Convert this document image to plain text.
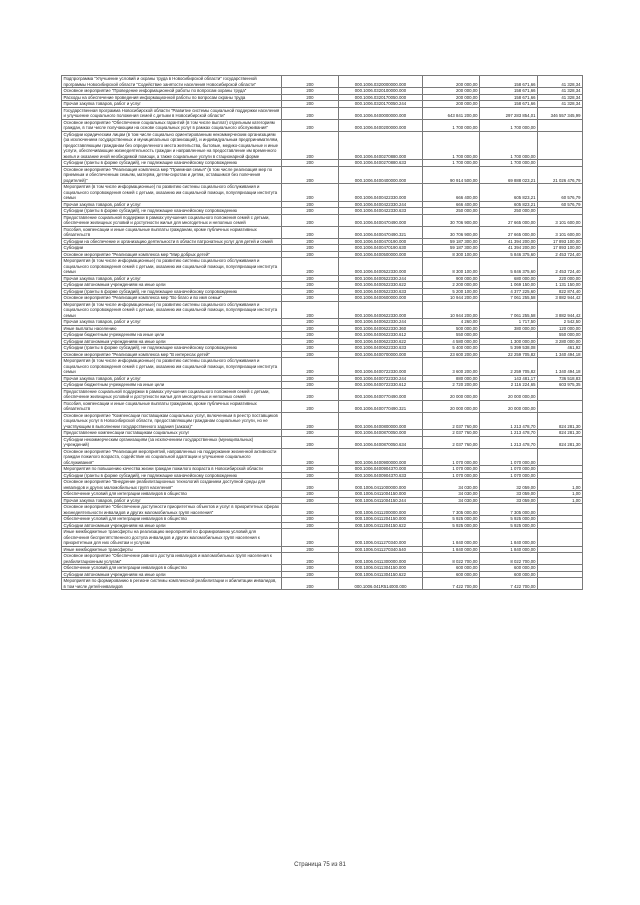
Подпрограмма "Улучшение условий и охраны труда в Новосибирской области" государственной программы Новосибирской области "Содействие занятости населения Новосибирской области"	200	000.1006.0320000000.000	200 000,00	158 671,66	41 328,34
Основное мероприятие "Проведение информационной работы по вопросам охраны труда"	200	000.1006.0320100000.000	200 000,00	158 671,66	41 328,34
Расходы на обеспечение проведения информационной работы по вопросам охраны труда	200	000.1006.0320170050.000	200 000,00	158 671,66	41 328,34
Прочая закупка товаров, работ и услуг	200	000.1006.0320170050.244	200 000,00	158 671,66	41 328,34
Государственная программа Новосибирской области "Развитие системы социальной поддержки населения и улучшение социального положения семей с детьми в Новосибирской области"	200	000.1006.0400000000.000	643 841 200,00	297 283 854,01	346 557 345,99
Основное мероприятие "Обеспечение социальных гарантий (в том числе выплат) отдельным категориям граждан, в том числе получающим на основе социальных услуг в рамках социального обслуживания"	200	000.1006.0400200000.000	1 700 000,00	1 700 000,00	
Субсидии юридическим лицам (в том числе социально ориентированным некоммерческим организациям (за исключением государственных и муниципальных организаций), и индивидуальным предпринимателям, предоставляющим гражданам без определенного места жительства, бытовые, медико-социальные и иные услуги, обеспечивающие жизнедеятельность граждан и направленные на предоставление им временного жилья и оказание иной необходимой помощи, а также социальные услуги в стационарной форме	200	000.1006.0400270880.000	1 700 000,00	1 700 000,00	
Субсидии (гранты в форме субсидий), не подлежащие казначейскому сопровождению	200	000.1006.0400270880.633	1 700 000,00	1 700 000,00	
Основное мероприятие "Реализация комплекса мер "Приемная семья" (в том числе реализация мер по приемным и обеспеченным семьям, матерям, детям-сиротам и детям, оставшимся без попечения родителей)"	200	000.1006.0400400000.000	90 914 500,00	69 888 023,21	21 026 476,79
Мероприятия (в том числе информационные) по развитию системы социального обслуживания и социального сопровождения семей с детьми, оказанию им социальной помощи, популяризации института семьи	200	000.1006.0400422330.000	666 400,00	605 823,21	60 576,79
Прочая закупка товаров, работ и услуг	200	000.1006.0400422330.244	666 400,00	605 823,21	60 576,79
Субсидии (гранты в форме субсидий), не подлежащие казначейскому сопровождению	200	000.1006.0400422330.633	250 000,00	250 000,00	
Предоставление социальной поддержки в рамках улучшения социального положения семей с детьми, обеспечение жилищных условий и доступности жилья для многодетных и неполных семей	200	000.1006.0400470490.000	30 706 900,00	27 665 000,00	3 101 600,00
Пособия, компенсации и иные социальные выплаты гражданам, кроме публичных нормативных обязательств	200	000.1006.0400470490.321	30 706 900,00	27 665 000,00	3 101 600,00
Субсидии на обеспечение и организацию деятельности в области патронатных услуг для детей и семей	200	000.1006.0400470190.000	59 187 300,00	41 394 200,00	17 893 100,00
Субсидии	200	000.1006.0400470190.630	59 187 300,00	41 394 200,00	17 893 100,00
Основное мероприятие "Реализация комплекса мер "Мир добрых детей"	200	000.1006.0400500000.000	8 300 100,00	5 846 375,60	2 453 724,40
Мероприятия (в том числе информационные) по развитию системы социального обслуживания и социального сопровождения семей с детьми, оказанию им социальной помощи, популяризации института семьи	200	000.1006.0400522330.000	8 300 100,00	5 846 375,60	2 453 724,40
Прочая закупка товаров, работ и услуг	200	000.1006.0400522330.244	900 000,00	680 000,00	220 000,00
Субсидии автономным учреждениям на иные цели	200	000.1006.0400522330.622	2 200 000,00	1 069 150,00	1 131 150,00
Субсидии (гранты в форме субсидий), не подлежащие казначейскому сопровождению	200	000.1006.0400522330.633	5 200 100,00	4 377 225,60	822 874,40
Основное мероприятие "Реализация комплекса мер "Во благо и во имя семьи"	200	000.1006.0400600000.000	10 944 200,00	7 061 255,58	3 882 944,42
Мероприятия (в том числе информационные) по развитию системы социального обслуживания и социального сопровождения семей с детьми, оказанию им социальной помощи, популяризации института семьи	200	000.1006.0400622330.000	10 944 200,00	7 061 255,58	3 882 944,42
Прочая закупка товаров, работ и услуг	200	000.1006.0400622330.244	4 260,00	1 717,50	2 542,50
Иные выплаты населению	200	000.1006.0400622330.360	500 000,00	380 000,00	120 000,00
Субсидии бюджетным учреждениям на иные цели	200	000.1006.0400622330.612	550 000,00		550 000,00
Субсидии автономным учреждениям на иные цели	200	000.1006.0400622330.622	4 580 000,00	1 300 000,00	3 280 000,00
Субсидии (гранты в форме субсидий), не подлежащие казначейскому сопровождению	200	000.1006.0400622330.633	5 400 000,00	5 399 538,08	461,92
Основное мероприятие "Реализация комплекса мер "В интересах детей"	200	000.1006.0400700000.000	23 600 200,00	22 259 705,82	1 340 494,18
Мероприятия (в том числе информационные) по развитию системы социального обслуживания и социального сопровождения семей с детьми, оказанию им социальной помощи, популяризации института семьи	200	000.1006.0400722330.000	3 600 200,00	2 259 705,82	1 340 494,18
Прочая закупка товаров, работ и услуг	200	000.1006.0400722330.244	880 000,00	143 481,17	736 518,83
Субсидии бюджетным учреждениям на иные цели	200	000.1006.0400722330.612	2 720 200,00	2 116 224,65	603 975,35
Предоставление социальной поддержки в рамках улучшения социального положения семей с детьми, обеспечение жилищных условий и доступности жилья для многодетных и неполных семей	200	000.1006.0400770490.000	20 000 000,00	20 000 000,00	
Пособия, компенсации и иные социальные выплаты гражданам, кроме публичных нормативных обязательств	200	000.1006.0400770490.321	20 000 000,00	20 000 000,00	
Основное мероприятие "Компенсации поставщикам социальных услуг, включенным в реестр поставщиков социальных услуг в Новосибирской области, предоставляющим гражданам социальные услуги, но не участвующим в выполнении государственного задания (заказа)"	200	000.1006.0400800000.000	2 037 760,00	1 213 478,70	824 281,30
Предоставление компенсации поставщикам социальных услуг	200	000.1006.0400870050.000	2 037 760,00	1 213 478,70	824 281,30
Субсидии некоммерческим организациям (за исключением государственных (муниципальных) учреждений)	200	000.1006.0400870050.634	2 037 760,00	1 213 478,70	824 281,30
Основное мероприятие "Реализация мероприятий, направленных на поддержание жизненной активности граждан пожилого возраста, содействие их социальной адаптации и улучшение социального обслуживания"	200	000.1006.0400900000.000	1 070 000,00	1 070 000,00	
Мероприятия по повышению качества жизни граждан пожилого возраста в Новосибирской области	200	000.1006.0400904370.000	1 070 000,00	1 070 000,00	
Субсидии (гранты в форме субсидий), не подлежащие казначейскому сопровождению	200	000.1006.0400904370.633	1 070 000,00	1 070 000,00	
Основное мероприятие "Внедрение реабилитационных технологий созданием доступной среды для инвалидов и других маломобильных групп населения"	200	000.1006.0411000000.000	34 030,00	32 059,00	1,00
Обеспечение условий для интеграции инвалидов в общество	200	000.1006.0411004150.000	34 030,00	33 059,00	1,00
Прочая закупка товаров, работ и услуг	200	000.1006.0411004150.244	34 030,00	33 059,00	1,00
Основное мероприятие "Обеспечение доступности приоритетных объектов и услуг в приоритетных сферах жизнедеятельности инвалидов и других маломобильных групп населения"	200	000.1006.0411200000.000	7 305 000,00	7 305 000,00	
Обеспечение условий для интеграции инвалидов в общество	200	000.1006.0411204150.000	5 925 000,00	5 925 000,00	
Субсидии автономным учреждениям на иные цели	200	000.1006.0411204150.622	5 925 000,00	5 925 000,00	
Иные межбюджетные трансферты на реализацию мероприятий по формированию условий для обеспечения беспрепятственного доступа инвалидов и других маломобильных групп населения к приоритетным для них объектам и услугам	200	000.1006.0411270340.000	1 840 000,00	1 840 000,00	
Иные межбюджетные трансферты	200	000.1006.0411270340.540	1 840 000,00	1 840 000,00	
Основное мероприятие "Обеспечение равного доступа инвалидов и маломобильных групп населения к реабилитационным услугам"	200	000.1006.0411300000.000	8 022 700,00	8 022 700,00	
Обеспечение условий для интеграции инвалидов в общество	200	000.1006.0411304150.000	600 000,00	600 000,00	
Субсидии автономным учреждениям на иные цели	200	000.1006.0411304150.622	600 000,00	600 000,00	
Мероприятия по формированию в регионе системы комплексной реабилитации и абилитации инвалидов, в том числе детей-инвалидов	200	000.1006.041R514000.000	7 422 700,00	7 422 700,00	
Страница 75 из 81
